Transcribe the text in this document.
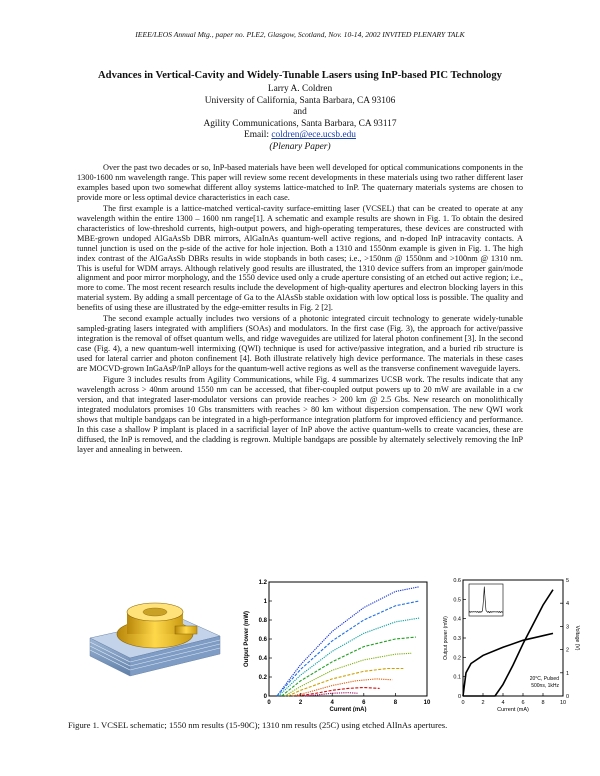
IEEE/LEOS Annual Mtg., paper no. PLE2, Glasgow, Scotland, Nov. 10-14, 2002 INVITED PLENARY TALK
Advances in Vertical-Cavity and Widely-Tunable Lasers using InP-based PIC Technology
Larry A. Coldren
University of California, Santa Barbara, CA 93106
and
Agility Communications, Santa Barbara, CA 93117
Email: coldren@ece.ucsb.edu
(Plenary Paper)

Over the past two decades or so, InP-based materials have been well developed for optical communications components in the 1300-1600 nm wavelength range. This paper will review some recent developments in these materials using two rather different laser examples based upon two somewhat different alloy systems lattice-matched to InP. The quaternary materials systems are chosen to provide more or less optimal device characteristics in each case.

The first example is a lattice-matched vertical-cavity surface-emitting laser (VCSEL) that can be created to operate at any wavelength within the entire 1300 – 1600 nm range[1]. A schematic and example results are shown in Fig. 1. To obtain the desired characteristics of low-threshold currents, high-output powers, and high-operating temperatures, these devices are constructed with MBE-grown undoped AlGaAsSb DBR mirrors, AlGaInAs quantum-well active regions, and n-doped InP intracavity contacts. A tunnel junction is used on the p-side of the active for hole injection. Both a 1310 and 1550nm example is given in Fig. 1. The high index contrast of the AlGaAsSb DBRs results in wide stopbands in both cases; i.e., >150nm @ 1550nm and >100nm @ 1310 nm. This is useful for WDM arrays. Although relatively good results are illustrated, the 1310 device suffers from an improper gain/mode alignment and poor mirror morphology, and the 1550 device used only a crude aperture consisting of an etched out active region; i.e., more to come. The most recent research results include the development of high-quality apertures and electron blocking layers in this material system. By adding a small percentage of Ga to the AlAsSb stable oxidation with low optical loss is possible. The quality and benefits of using these are illustrated by the edge-emitter results in Fig. 2 [2].

The second example actually includes two versions of a photonic integrated circuit technology to generate widely-tunable sampled-grating lasers integrated with amplifiers (SOAs) and modulators. In the first case (Fig. 3), the approach for active/passive integration is the removal of offset quantum wells, and ridge waveguides are utilized for lateral photon confinement [3]. In the second case (Fig. 4), a new quantum-well intermixing (QWI) technique is used for active/passive integration, and a buried rib structure is used for lateral carrier and photon confinement [4]. Both illustrate relatively high device performance. The materials in these cases are MOCVD-grown InGaAsP/InP alloys for the quantum-well active regions as well as the transverse confinement waveguide layers.

Figure 3 includes results from Agility Communications, while Fig. 4 summarizes UCSB work. The results indicate that any wavelength across > 40nm around 1550 nm can be accessed, that fiber-coupled output powers up to 20 mW are available in a cw version, and that integrated laser-modulator versions can provide reaches > 200 km @ 2.5 Gbs. New research on monolithically integrated modulators promises 10 Gbs transmitters with reaches > 80 km without dispersion compensation. The new QWI work shows that multiple bandgaps can be integrated in a high-performance integration platform for improved efficiency and performance. In this case a shallow P implant is placed in a sacrificial layer of InP above the active quantum-wells to create vacancies, these are diffused, the InP is removed, and the cladding is regrown. Multiple bandgaps are possible by alternately selectively removing the InP layer and annealing in between.

0	2	4	6	8	10
0
0.2
0.4
0.6
0.8
1
1.2
Current (mA)
Output Power (mW)
0	2	4	6	8	10
0
0.1
0.2
0.3
0.4
0.5
0.6
0
1
2
3
4
5
Current (mA)
Output power (mW)	Voltage (V)
20°C, Pulsed
500ns, 1kHz
Figure 1. VCSEL schematic; 1550 nm results (15-90C); 1310 nm results (25C) using etched AlInAs apertures.
